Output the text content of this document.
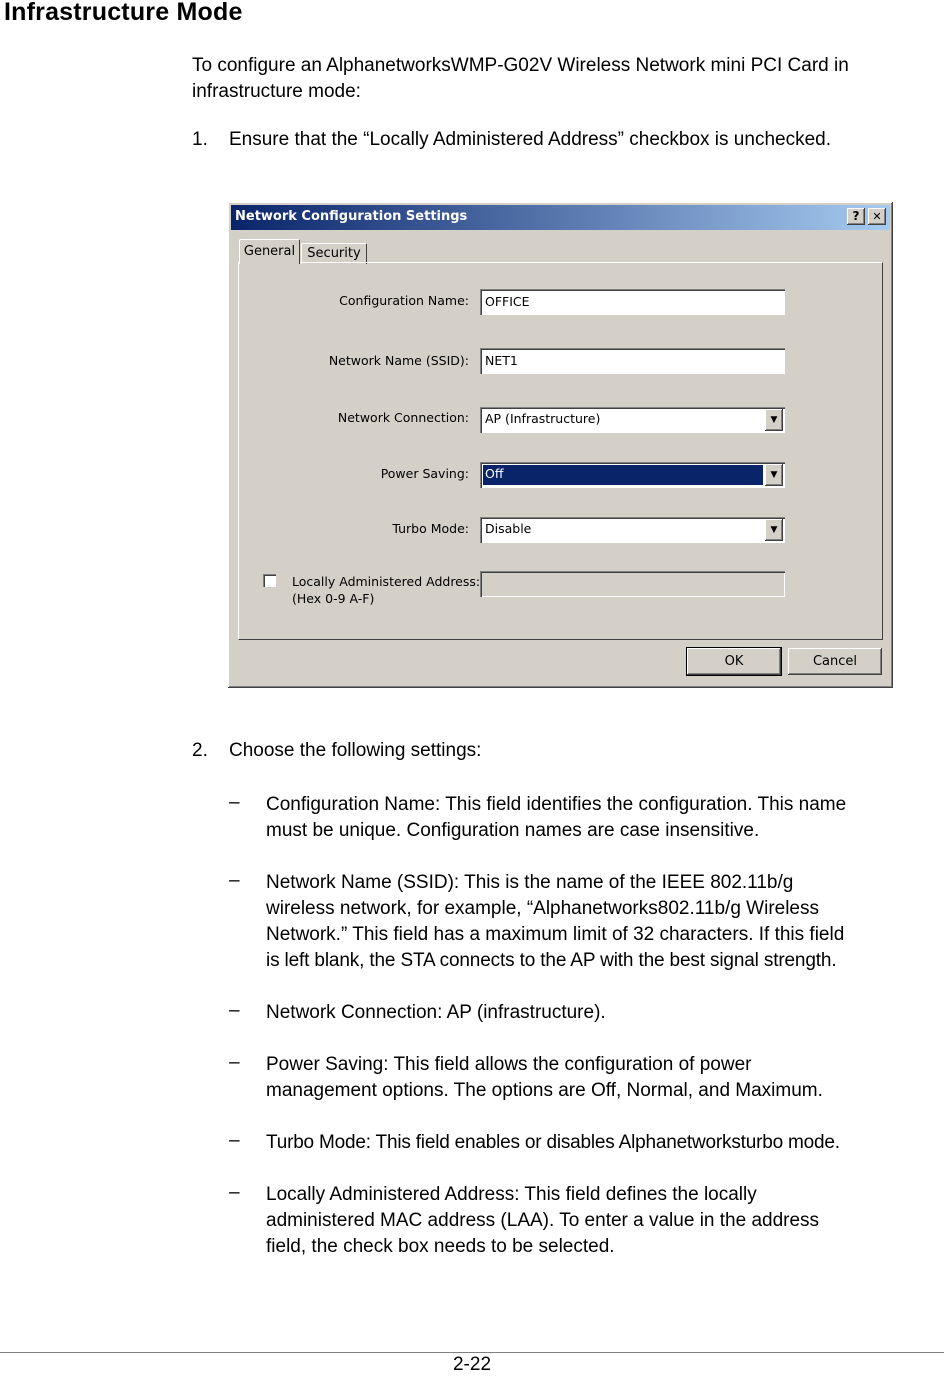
Infrastructure Mode
To configure an AlphanetworksWMP-G02V Wireless Network mini PCI Card in infrastructure mode:
1. Ensure that the “Locally Administered Address” checkbox is unchecked.
Network Configuration Settings	?	✕
General Security
Configuration Name: OFFICE
Network Name (SSID): NET1
Network Connection: AP (Infrastructure)	▼
Power Saving: Off	▼
Turbo Mode: Disable	▼
Locally Administered Address:
(Hex 0-9 A-F)
OK	Cancel
2. Choose the following settings:
– Configuration Name: This field identifies the configuration. This name
must be unique. Configuration names are case insensitive.
– Network Name (SSID): This is the name of the IEEE 802.11b/g
wireless network, for example, “Alphanetworks802.11b/g Wireless
Network.” This field has a maximum limit of 32 characters. If this field
is left blank, the STA connects to the AP with the best signal strength.
– Network Connection: AP (infrastructure).
– Power Saving: This field allows the configuration of power
management options. The options are Off, Normal, and Maximum.
– Turbo Mode: This field enables or disables Alphanetworksturbo mode.
– Locally Administered Address: This field defines the locally
administered MAC address (LAA). To enter a value in the address
field, the check box needs to be selected.
2-22
